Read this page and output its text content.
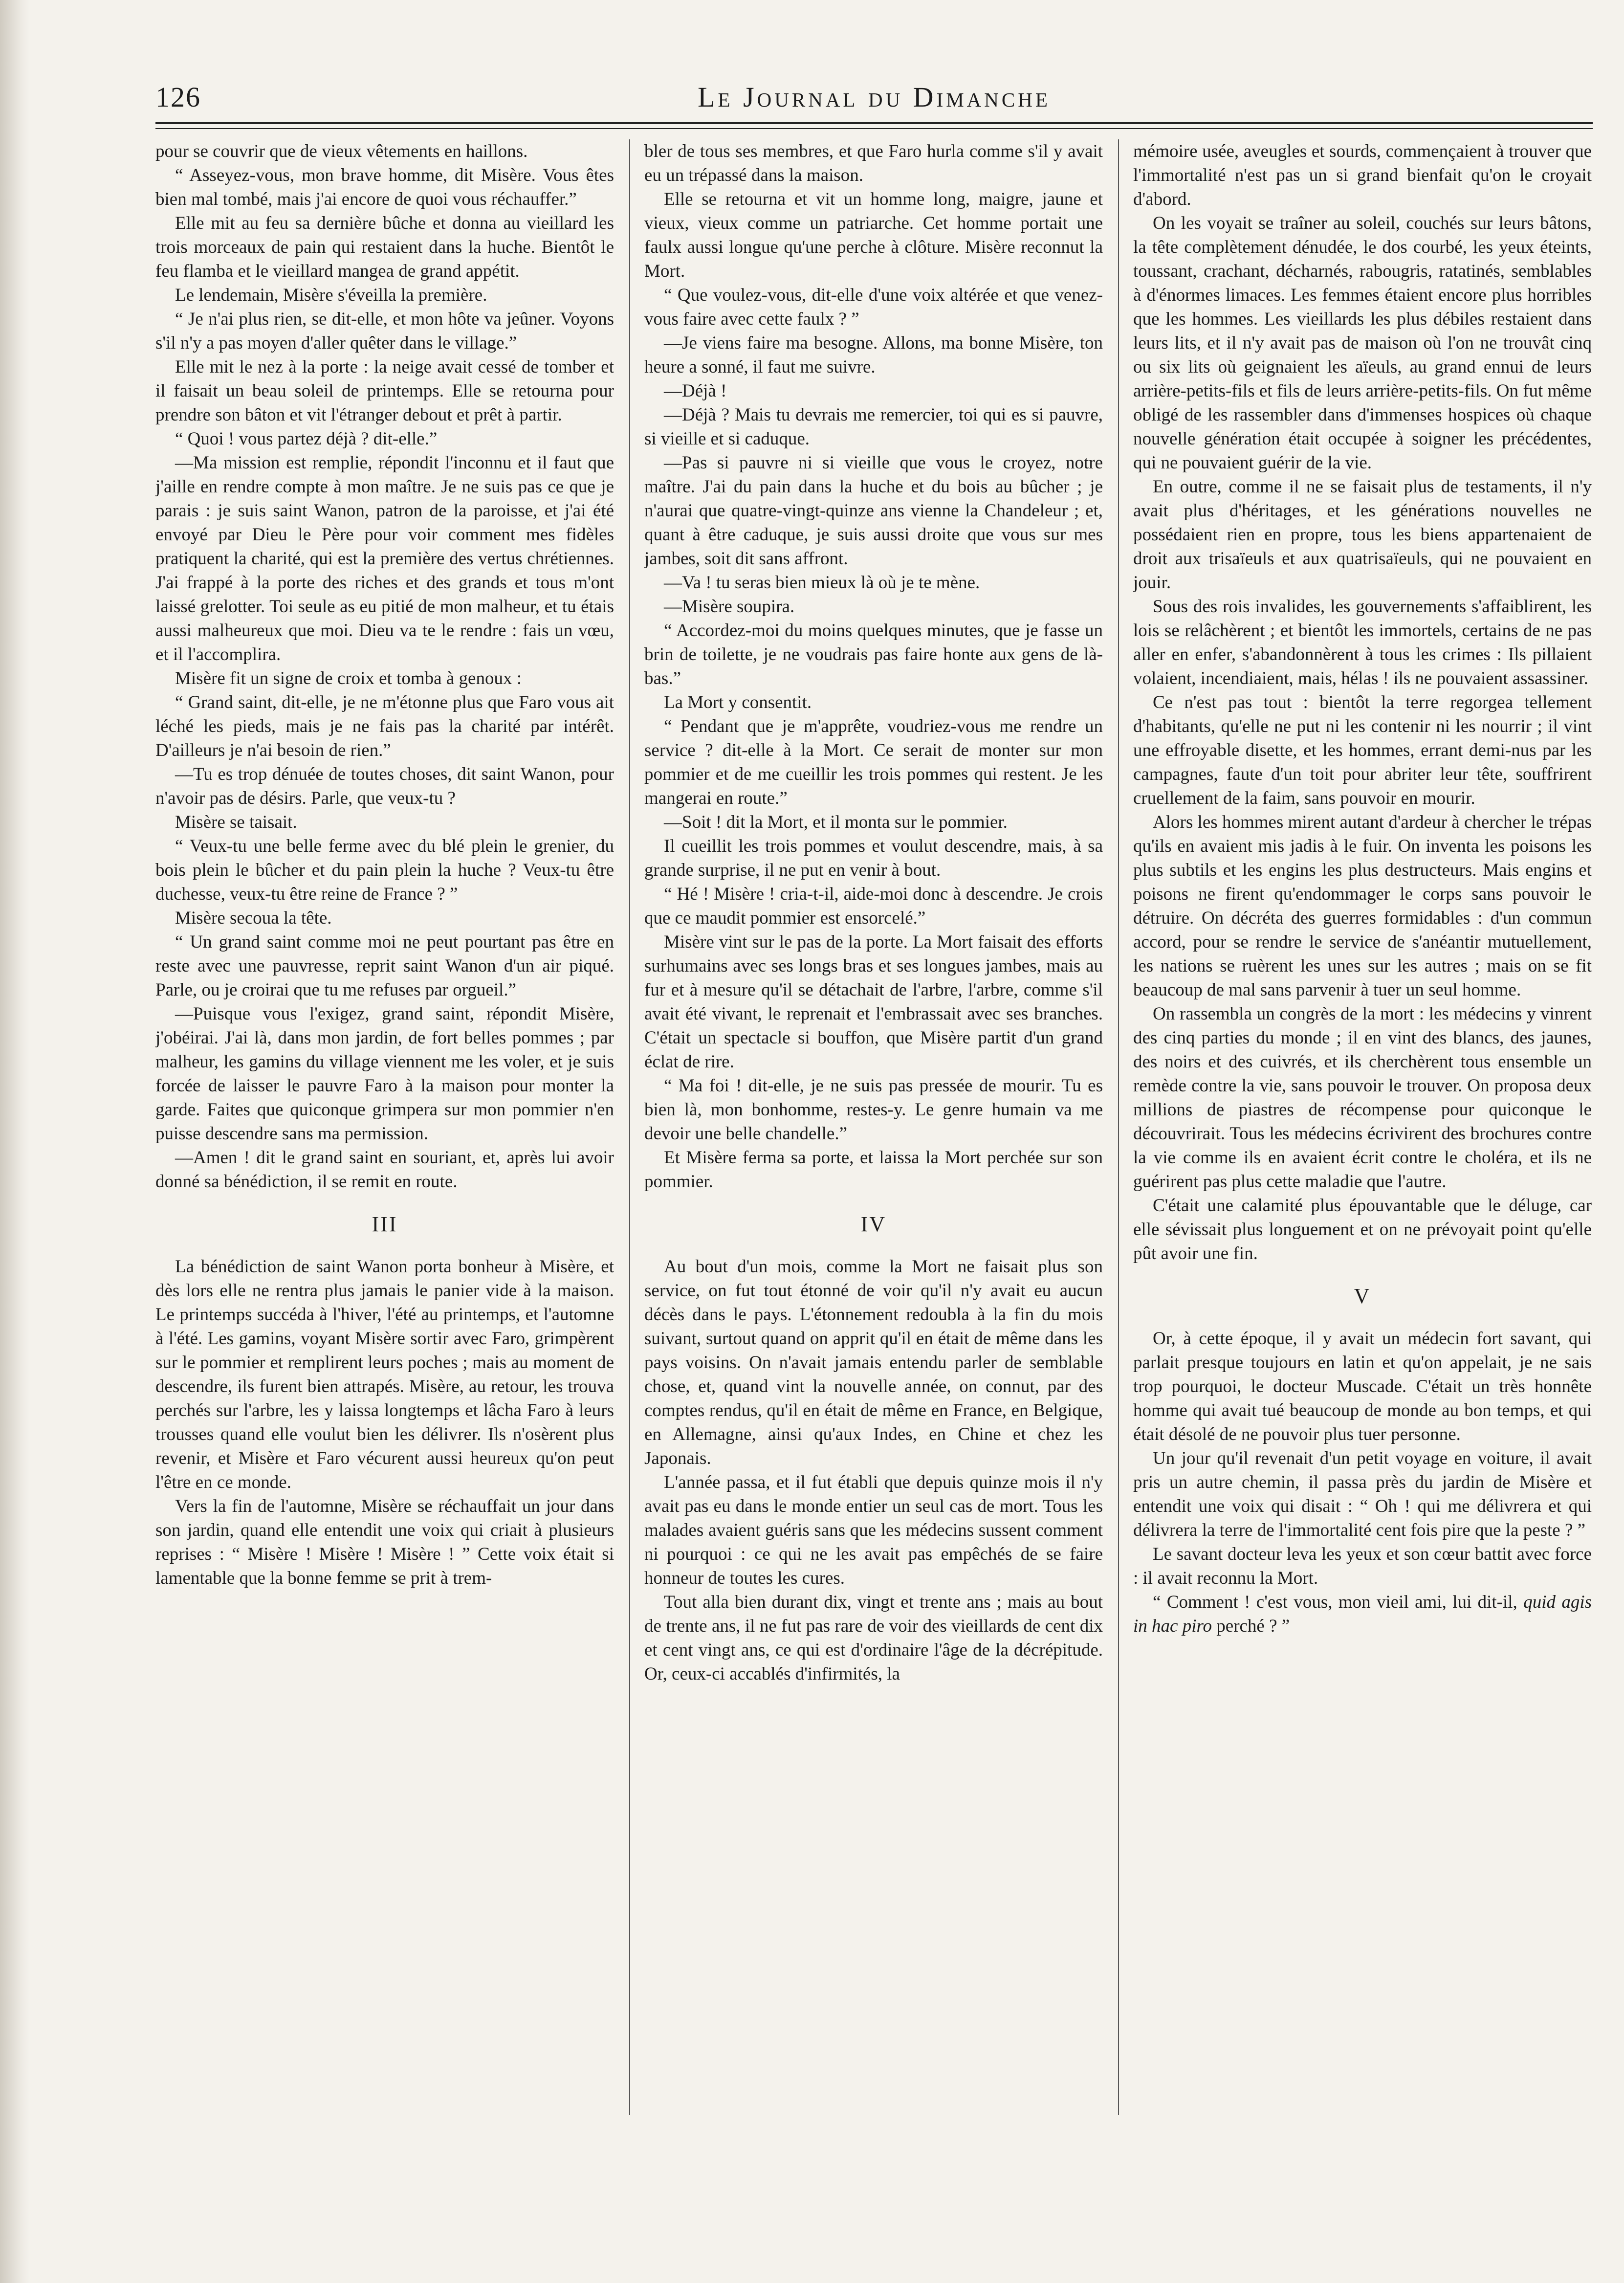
126	Le Journal du Dimanche

pour se couvrir que de vieux vêtements en haillons.

“ Asseyez-vous, mon brave homme, dit Misère. Vous êtes bien mal tombé, mais j'ai encore de quoi vous réchauffer.”

Elle mit au feu sa dernière bûche et donna au vieillard les trois morceaux de pain qui restaient dans la huche. Bientôt le feu flamba et le vieillard mangea de grand appétit.

Le lendemain, Misère s'éveilla la première.

“ Je n'ai plus rien, se dit-elle, et mon hôte va jeûner. Voyons s'il n'y a pas moyen d'aller quêter dans le village.”

Elle mit le nez à la porte : la neige avait cessé de tomber et il faisait un beau soleil de printemps. Elle se retourna pour prendre son bâton et vit l'étranger debout et prêt à partir.

“ Quoi ! vous partez déjà ? dit-elle.”

—Ma mission est remplie, répondit l'inconnu et il faut que j'aille en rendre compte à mon maître. Je ne suis pas ce que je parais : je suis saint Wanon, patron de la paroisse, et j'ai été envoyé par Dieu le Père pour voir comment mes fidèles pratiquent la charité, qui est la première des vertus chrétiennes. J'ai frappé à la porte des riches et des grands et tous m'ont laissé grelotter. Toi seule as eu pitié de mon malheur, et tu étais aussi malheureux que moi. Dieu va te le rendre : fais un vœu, et il l'accomplira.

Misère fit un signe de croix et tomba à genoux :

“ Grand saint, dit-elle, je ne m'étonne plus que Faro vous ait léché les pieds, mais je ne fais pas la charité par intérêt. D'ailleurs je n'ai besoin de rien.”

—Tu es trop dénuée de toutes choses, dit saint Wanon, pour n'avoir pas de désirs. Parle, que veux-tu ?

Misère se taisait.

“ Veux-tu une belle ferme avec du blé plein le grenier, du bois plein le bûcher et du pain plein la huche ? Veux-tu être duchesse, veux-tu être reine de France ? ”

Misère secoua la tête.

“ Un grand saint comme moi ne peut pourtant pas être en reste avec une pauvresse, reprit saint Wanon d'un air piqué. Parle, ou je croirai que tu me refuses par orgueil.”

—Puisque vous l'exigez, grand saint, répondit Misère, j'obéirai. J'ai là, dans mon jardin, de fort belles pommes ; par malheur, les gamins du village viennent me les voler, et je suis forcée de laisser le pauvre Faro à la maison pour monter la garde. Faites que quiconque grimpera sur mon pommier n'en puisse descendre sans ma permission.

—Amen ! dit le grand saint en souriant, et, après lui avoir donné sa bénédiction, il se remit en route.

III

La bénédiction de saint Wanon porta bonheur à Misère, et dès lors elle ne rentra plus jamais le panier vide à la maison. Le printemps succéda à l'hiver, l'été au printemps, et l'automne à l'été. Les gamins, voyant Misère sortir avec Faro, grimpèrent sur le pommier et remplirent leurs poches ; mais au moment de descendre, ils furent bien attrapés. Misère, au retour, les trouva perchés sur l'arbre, les y laissa longtemps et lâcha Faro à leurs trousses quand elle voulut bien les délivrer. Ils n'osèrent plus revenir, et Misère et Faro vécurent aussi heureux qu'on peut l'être en ce monde.

Vers la fin de l'automne, Misère se réchauffait un jour dans son jardin, quand elle entendit une voix qui criait à plusieurs reprises : “ Misère ! Misère ! Misère ! ” Cette voix était si lamentable que la bonne femme se prit à trem-

bler de tous ses membres, et que Faro hurla comme s'il y avait eu un trépassé dans la maison.

Elle se retourna et vit un homme long, maigre, jaune et vieux, vieux comme un patriarche. Cet homme portait une faulx aussi longue qu'une perche à clôture. Misère reconnut la Mort.

“ Que voulez-vous, dit-elle d'une voix altérée et que venez-vous faire avec cette faulx ? ”

—Je viens faire ma besogne. Allons, ma bonne Misère, ton heure a sonné, il faut me suivre.

—Déjà !

—Déjà ? Mais tu devrais me remercier, toi qui es si pauvre, si vieille et si caduque.

—Pas si pauvre ni si vieille que vous le croyez, notre maître. J'ai du pain dans la huche et du bois au bûcher ; je n'aurai que quatre-vingt-quinze ans vienne la Chandeleur ; et, quant à être caduque, je suis aussi droite que vous sur mes jambes, soit dit sans affront.

—Va ! tu seras bien mieux là où je te mène.

—Misère soupira.

“ Accordez-moi du moins quelques minutes, que je fasse un brin de toilette, je ne voudrais pas faire honte aux gens de là-bas.”

La Mort y consentit.

“ Pendant que je m'apprête, voudriez-vous me rendre un service ? dit-elle à la Mort. Ce serait de monter sur mon pommier et de me cueillir les trois pommes qui restent. Je les mangerai en route.”

—Soit ! dit la Mort, et il monta sur le pommier.

Il cueillit les trois pommes et voulut descendre, mais, à sa grande surprise, il ne put en venir à bout.

“ Hé ! Misère ! cria-t-il, aide-moi donc à descendre. Je crois que ce maudit pommier est ensorcelé.”

Misère vint sur le pas de la porte. La Mort faisait des efforts surhumains avec ses longs bras et ses longues jambes, mais au fur et à mesure qu'il se détachait de l'arbre, l'arbre, comme s'il avait été vivant, le reprenait et l'embrassait avec ses branches. C'était un spectacle si bouffon, que Misère partit d'un grand éclat de rire.

“ Ma foi ! dit-elle, je ne suis pas pressée de mourir. Tu es bien là, mon bonhomme, restes-y. Le genre humain va me devoir une belle chandelle.”

Et Misère ferma sa porte, et laissa la Mort perchée sur son pommier.

IV

Au bout d'un mois, comme la Mort ne faisait plus son service, on fut tout étonné de voir qu'il n'y avait eu aucun décès dans le pays. L'étonnement redoubla à la fin du mois suivant, surtout quand on apprit qu'il en était de même dans les pays voisins. On n'avait jamais entendu parler de semblable chose, et, quand vint la nouvelle année, on connut, par des comptes rendus, qu'il en était de même en France, en Belgique, en Allemagne, ainsi qu'aux Indes, en Chine et chez les Japonais.

L'année passa, et il fut établi que depuis quinze mois il n'y avait pas eu dans le monde entier un seul cas de mort. Tous les malades avaient guéris sans que les médecins sussent comment ni pourquoi : ce qui ne les avait pas empêchés de se faire honneur de toutes les cures.

Tout alla bien durant dix, vingt et trente ans ; mais au bout de trente ans, il ne fut pas rare de voir des vieillards de cent dix et cent vingt ans, ce qui est d'ordinaire l'âge de la décrépitude. Or, ceux-ci accablés d'infirmités, la

mémoire usée, aveugles et sourds, commençaient à trouver que l'immortalité n'est pas un si grand bienfait qu'on le croyait d'abord.

On les voyait se traîner au soleil, couchés sur leurs bâtons, la tête complètement dénudée, le dos courbé, les yeux éteints, toussant, crachant, décharnés, rabougris, ratatinés, semblables à d'énormes limaces. Les femmes étaient encore plus horribles que les hommes. Les vieillards les plus débiles restaient dans leurs lits, et il n'y avait pas de maison où l'on ne trouvât cinq ou six lits où geignaient les aïeuls, au grand ennui de leurs arrière-petits-fils et fils de leurs arrière-petits-fils. On fut même obligé de les rassembler dans d'immenses hospices où chaque nouvelle génération était occupée à soigner les précédentes, qui ne pouvaient guérir de la vie.

En outre, comme il ne se faisait plus de testaments, il n'y avait plus d'héritages, et les générations nouvelles ne possédaient rien en propre, tous les biens appartenaient de droit aux trisaïeuls et aux quatrisaïeuls, qui ne pouvaient en jouir.

Sous des rois invalides, les gouvernements s'affaiblirent, les lois se relâchèrent ; et bientôt les immortels, certains de ne pas aller en enfer, s'abandonnèrent à tous les crimes : Ils pillaient volaient, incendiaient, mais, hélas ! ils ne pouvaient assassiner.

Ce n'est pas tout : bientôt la terre regorgea tellement d'habitants, qu'elle ne put ni les contenir ni les nourrir ; il vint une effroyable disette, et les hommes, errant demi-nus par les campagnes, faute d'un toit pour abriter leur tête, souffrirent cruellement de la faim, sans pouvoir en mourir.

Alors les hommes mirent autant d'ardeur à chercher le trépas qu'ils en avaient mis jadis à le fuir. On inventa les poisons les plus subtils et les engins les plus destructeurs. Mais engins et poisons ne firent qu'endommager le corps sans pouvoir le détruire. On décréta des guerres formidables : d'un commun accord, pour se rendre le service de s'anéantir mutuellement, les nations se ruèrent les unes sur les autres ; mais on se fit beaucoup de mal sans parvenir à tuer un seul homme.

On rassembla un congrès de la mort : les médecins y vinrent des cinq parties du monde ; il en vint des blancs, des jaunes, des noirs et des cuivrés, et ils cherchèrent tous ensemble un remède contre la vie, sans pouvoir le trouver. On proposa deux millions de piastres de récompense pour quiconque le découvrirait. Tous les médecins écrivirent des brochures contre la vie comme ils en avaient écrit contre le choléra, et ils ne guérirent pas plus cette maladie que l'autre.

C'était une calamité plus épouvantable que le déluge, car elle sévissait plus longuement et on ne prévoyait point qu'elle pût avoir une fin.

V

Or, à cette époque, il y avait un médecin fort savant, qui parlait presque toujours en latin et qu'on appelait, je ne sais trop pourquoi, le docteur Muscade. C'était un très honnête homme qui avait tué beaucoup de monde au bon temps, et qui était désolé de ne pouvoir plus tuer personne.

Un jour qu'il revenait d'un petit voyage en voiture, il avait pris un autre chemin, il passa près du jardin de Misère et entendit une voix qui disait : “ Oh ! qui me délivrera et qui délivrera la terre de l'immortalité cent fois pire que la peste ? ”

Le savant docteur leva les yeux et son cœur battit avec force : il avait reconnu la Mort.

“ Comment ! c'est vous, mon vieil ami, lui dit-il, quid agis in hac piro perché ? ”
